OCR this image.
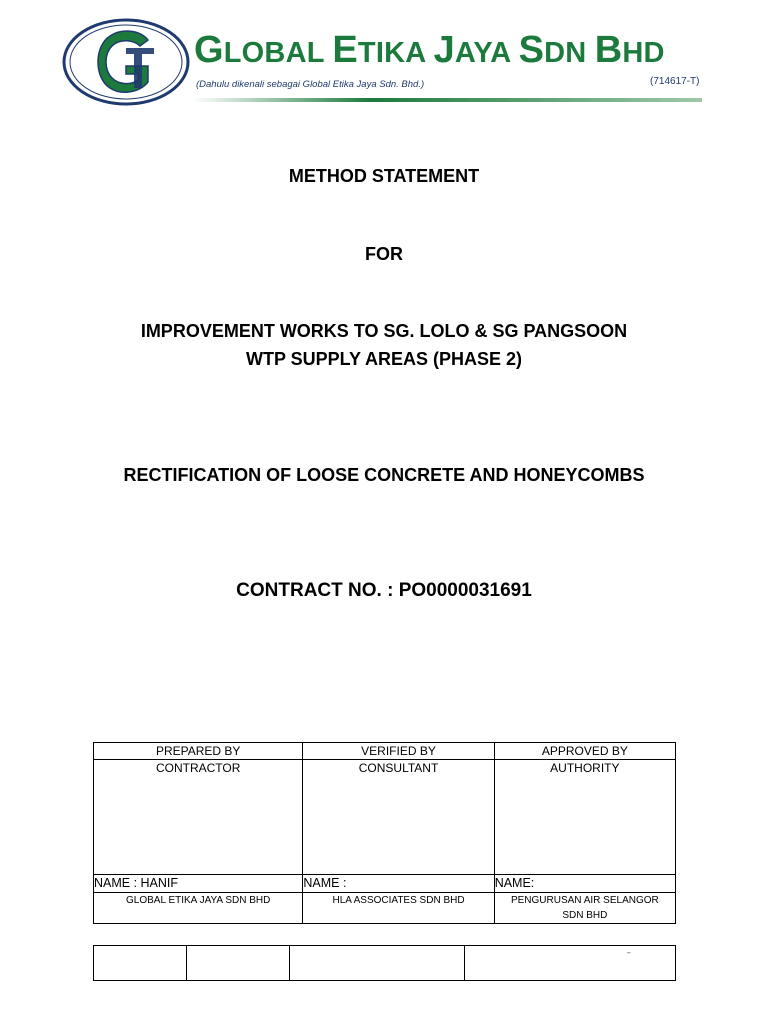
GLOBAL ETIKA JAYA SDN BHD
(Dahulu dikenali sebagai Global Etika Jaya Sdn. Bhd.)	(714617-T)
METHOD STATEMENT
FOR
IMPROVEMENT WORKS TO SG. LOLO & SG PANGSOON
WTP SUPPLY AREAS (PHASE 2)
RECTIFICATION OF LOOSE CONCRETE AND HONEYCOMBS
CONTRACT NO. : PO0000031691
PREPARED BY	VERIFIED BY	APPROVED BY

CONTRACTOR	CONSULTANT	AUTHORITY

NAME : HANIF	NAME :	NAME:
GLOBAL ETIKA JAYA SDN BHD	HLA ASSOCIATES SDN BHD	PENGURUSAN AIR SELANGOR
SDN BHD

–
